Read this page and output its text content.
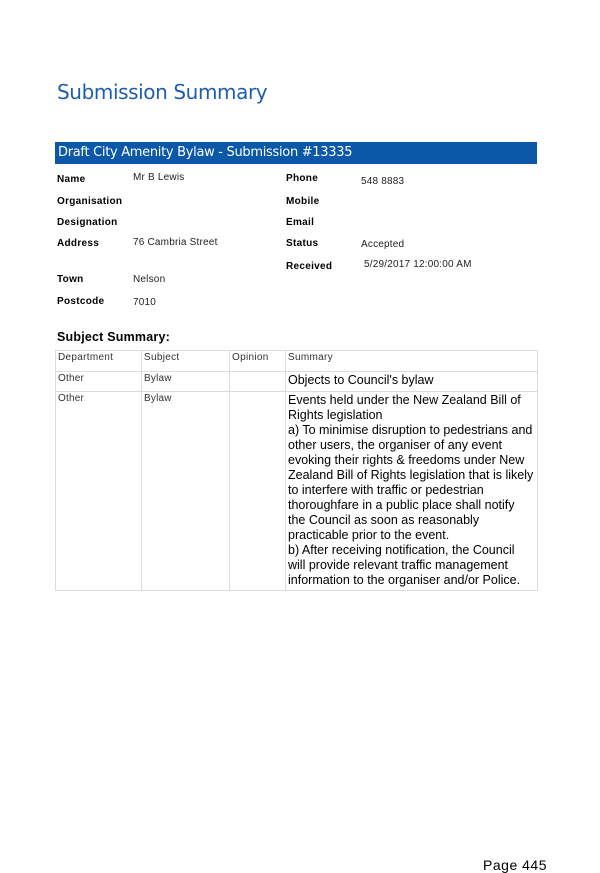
Submission Summary
Draft City Amenity Bylaw - Submission #13335
Name	Mr B Lewis
Organisation
Designation
Address	76 Cambria Street
Town	Nelson
Postcode	7010
Phone	548 8883
Mobile
Email
Status	Accepted
Received	5/29/2017 12:00:00 AM
Subject Summary:
Department	Subject	Opinion	Summary
Other	Bylaw		Objects to Council's bylaw
Other	Bylaw		Events held under the New Zealand Bill of Rights legislation
a) To minimise disruption to pedestrians and other users, the organiser of any event evoking their rights & freedoms under New Zealand Bill of Rights legislation that is likely to interfere with traffic or pedestrian thoroughfare in a public place shall notify the Council as soon as reasonably practicable prior to the event.
b) After receiving notification, the Council will provide relevant traffic management information to the organiser and/or Police.
Page 445
